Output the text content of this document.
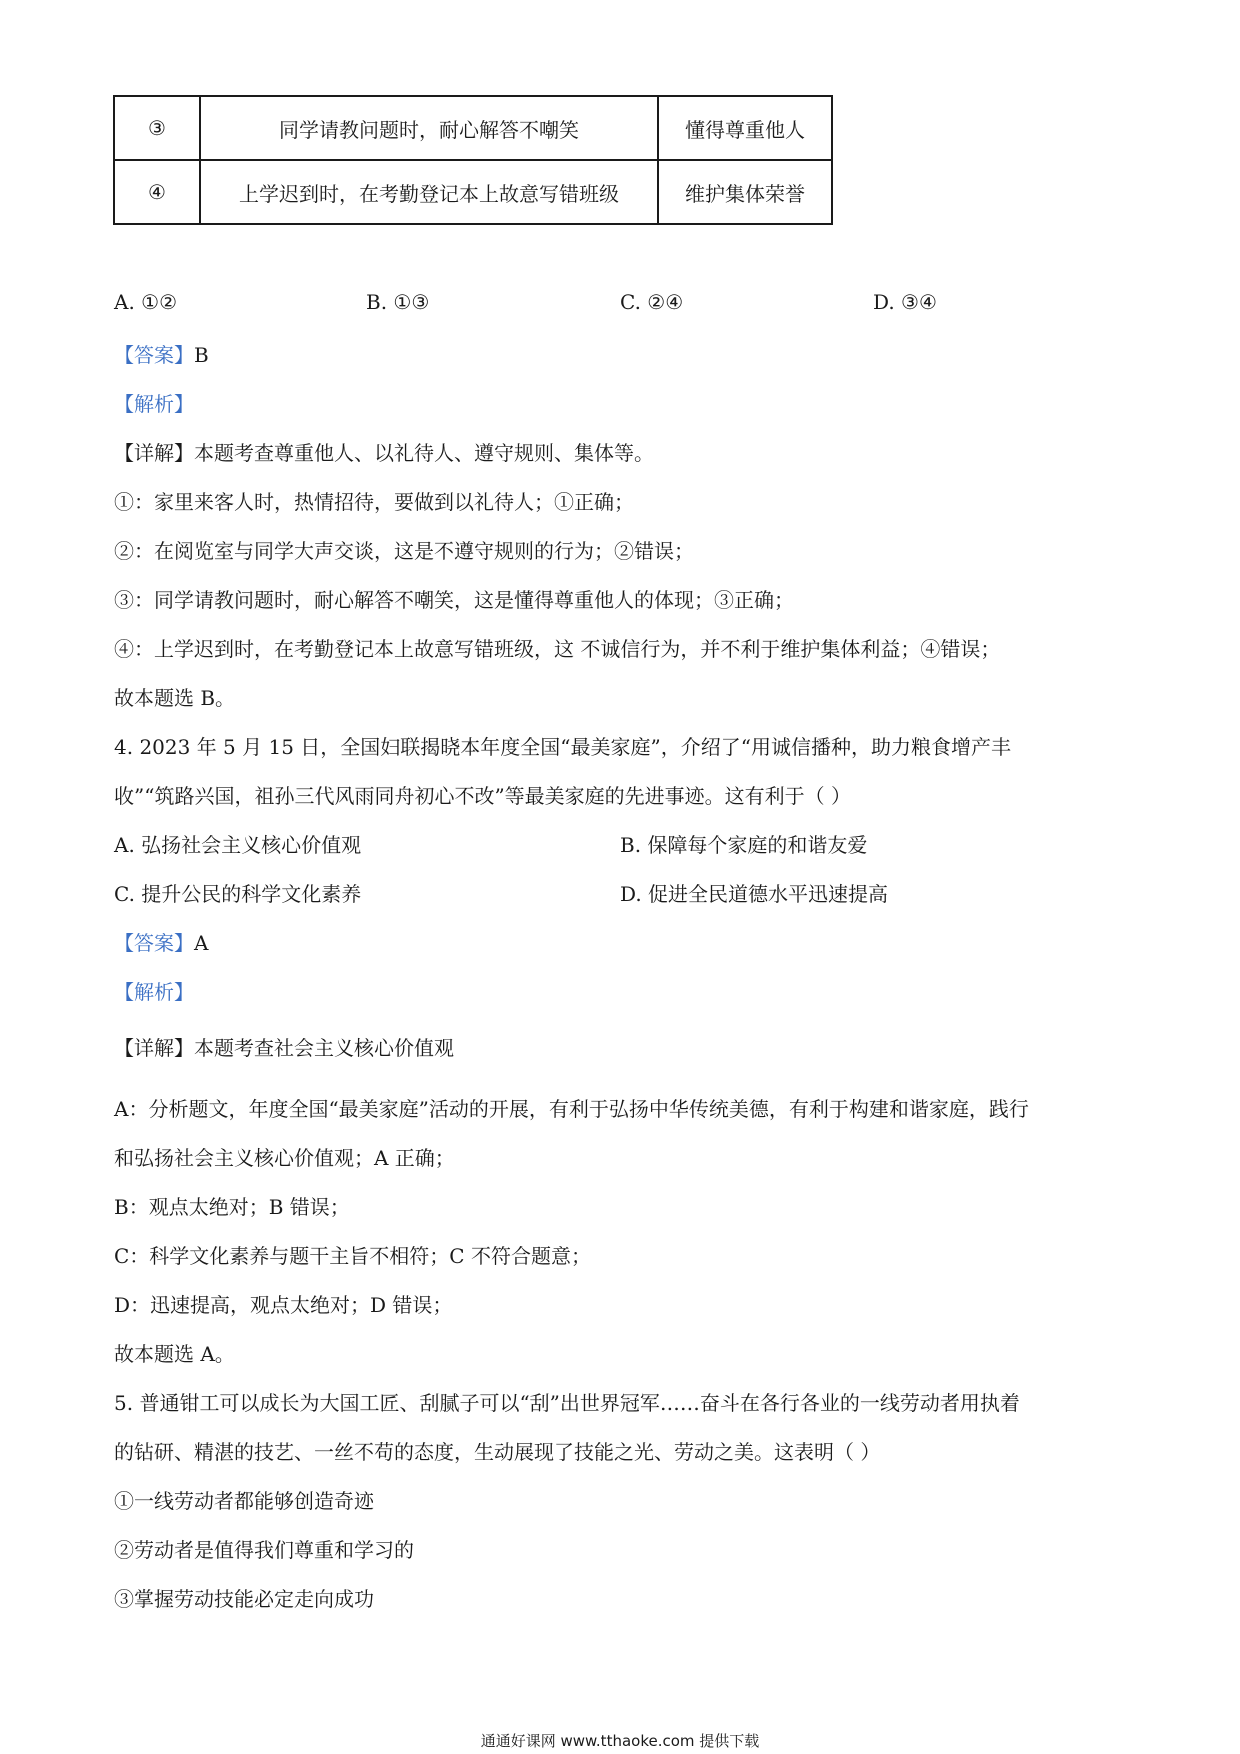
③	同学请教问题时，耐心解答不嘲笑	懂得尊重他人
④	上学迟到时，在考勤登记本上故意写错班级	维护集体荣誉
A. ①②	B. ①③	C. ②④	D. ③④
【答案】B
【解析】
【详解】本题考查尊重他人、以礼待人、遵守规则、集体等。
①：家里来客人时，热情招待，要做到以礼待人；①正确；
②：在阅览室与同学大声交谈，这是不遵守规则的行为；②错误；
③：同学请教问题时，耐心解答不嘲笑，这是懂得尊重他人的体现；③正确；
④：上学迟到时，在考勤登记本上故意写错班级，这 不诚信行为，并不利于维护集体利益；④错误；
故本题选 B。
4. 2023 年 5 月 15 日，全国妇联揭晓本年度全国“最美家庭”，介绍了“用诚信播种，助力粮食增产丰
收”“筑路兴国，祖孙三代风雨同舟初心不改”等最美家庭的先进事迹。这有利于（ ）
A. 弘扬社会主义核心价值观	B. 保障每个家庭的和谐友爱
C. 提升公民的科学文化素养	D. 促进全民道德水平迅速提高
【答案】A
【解析】
【详解】本题考查社会主义核心价值观
A：分析题文，年度全国“最美家庭”活动的开展，有利于弘扬中华传统美德，有利于构建和谐家庭，践行
和弘扬社会主义核心价值观；A 正确；
B：观点太绝对；B 错误；
C：科学文化素养与题干主旨不相符；C 不符合题意；
D：迅速提高，观点太绝对；D 错误；
故本题选 A。
5. 普通钳工可以成长为大国工匠、刮腻子可以“刮”出世界冠军……奋斗在各行各业的一线劳动者用执着
的钻研、精湛的技艺、一丝不苟的态度，生动展现了技能之光、劳动之美。这表明（ ）
①一线劳动者都能够创造奇迹
②劳动者是值得我们尊重和学习的
③掌握劳动技能必定走向成功
通通好课网 www.tthaoke.com 提供下载
